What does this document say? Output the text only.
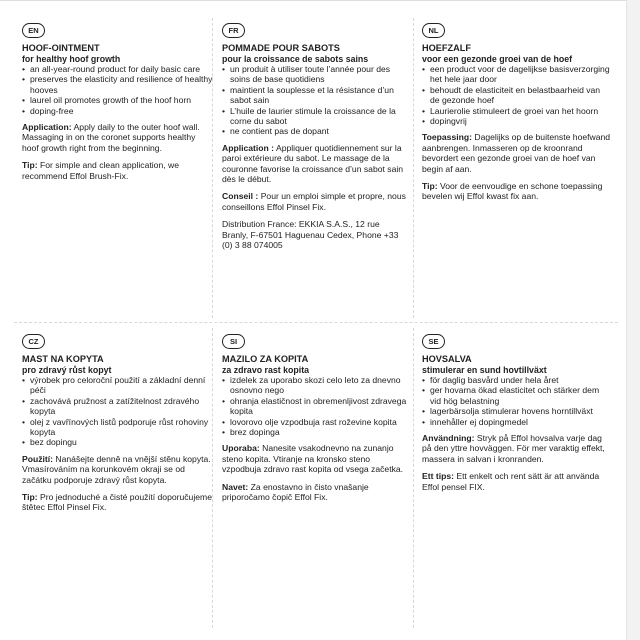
EN
HOOF-OINTMENT
for healthy hoof growth
• an all-year-round product for daily basic care
• preserves the elasticity and resilience of healthy hooves
• laurel oil promotes growth of the hoof horn
• doping-free

Application: Apply daily to the outer hoof wall. Massaging in on the coronet supports healthy hoof growth right from the beginning.

Tip: For simple and clean application, we recommend Effol Brush-Fix.

FR
POMMADE POUR SABOTS
pour la croissance de sabots sains
• un produit à utiliser toute l’année pour des soins de base quotidiens
• maintient la souplesse et la résistance d’un sabot sain
• L’huile de laurier stimule la croissance de la corne du sabot
• ne contient pas de dopant

Application : Appliquer quotidiennement sur la paroi extérieure du sabot. Le massage de la couronne favorise la croissance d’un sabot sain dès le début.

Conseil : Pour un emploi simple et propre, nous conseillons Effol Pinsel Fix.

Distribution France: EKKIA S.A.S., 12 rue Branly, F-67501 Haguenau Cedex, Phone +33 (0) 3 88 074005

NL
HOEFZALF
voor een gezonde groei van de hoef
• een product voor de dagelijkse basisverzorging het hele jaar door
• behoudt de elasticiteit en belastbaarheid van de gezonde hoef
• Laurierolie stimuleert de groei van het hoorn
• dopingvrij

Toepassing: Dagelijks op de buitenste hoefwand aanbrengen. Inmasseren op de kroonrand bevordert een gezonde groei van de hoef van begin af aan.

Tip: Voor de eenvoudige en schone toepassing bevelen wij Effol kwast fix aan.

CZ
MAST NA KOPYTA
pro zdravý růst kopyt
• výrobek pro celoroční použití a základní denní péči
• zachovává pružnost a zatížitelnost zdravého kopyta
• olej z vavřínových listů podporuje růst rohoviny kopyta
• bez dopingu

Použití: Nanášejte denně na vnější stěnu kopyta. Vmasírováním na korunkovém okraji se od začátku podporuje zdravý růst kopyta.

Tip: Pro jednoduché a čisté použití doporučujeme štětec Effol Pinsel Fix.

SI
MAZILO ZA KOPITA
za zdravo rast kopita
• izdelek za uporabo skozi celo leto za dnevno osnovno nego
• ohranja elastičnost in obremenljivost zdravega kopita
• lovorovo olje vzpodbuja rast roževine kopita
• brez dopinga

Uporaba: Nanesite vsakodnevno na zunanjo steno kopita. Vtiranje na kronsko steno vzpodbuja zdravo rast kopita od vsega začetka.

Navet: Za enostavno in čisto vnašanje priporočamo čopič Effol Fix.

SE
HOVSALVA
stimulerar en sund hovtillväxt
• för daglig basvård under hela året
• ger hovarna ökad elasticitet och stärker dem vid hög belastning
• lagerbärsolja stimulerar hovens horntillväxt
• innehåller ej dopingmedel

Användning: Stryk på Effol hovsalva varje dag på den yttre hovväggen. För mer varaktig effekt, massera in salvan i kronranden.

Ett tips: Ett enkelt och rent sätt är att använda Effol pensel FIX.
